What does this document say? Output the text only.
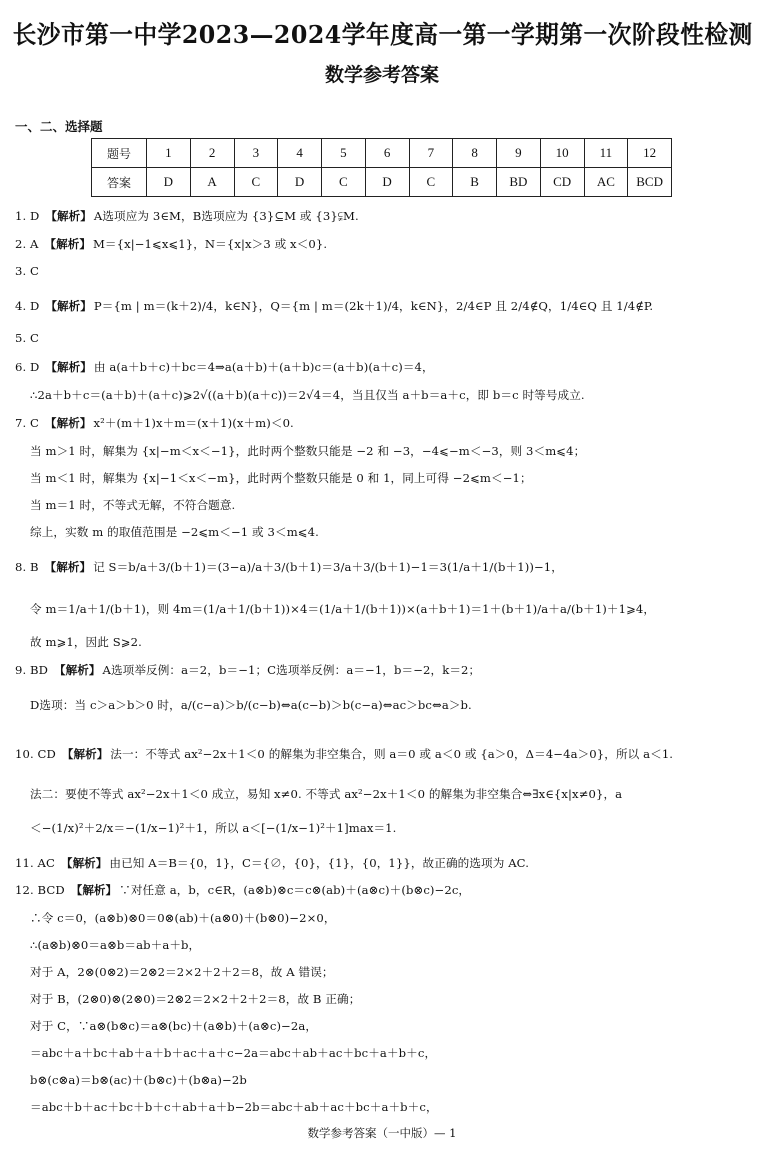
长沙市第一中学2023—2024学年度高一第一学期第一次阶段性检测
数学参考答案
一、二、选择题
题号	1	2	3	4	5	6	7	8	9	10	11	12
答案	D	A	C	D	C	D	C	B	BD	CD	AC	BCD
1. D 【解析】 A选项应为 3∈M，B选项应为 {3}⊆M 或 {3}⫋M.
2. A 【解析】 M＝{x|−1⩽x⩽1}，N＝{x|x＞3 或 x＜0}.
3. C
4. D 【解析】 P＝{m | m＝(k＋2)/4，k∈N}，Q＝{m | m＝(2k＋1)/4，k∈N}，2/4∈P 且 2/4∉Q，1/4∈Q 且 1/4∉P.
5. C
6. D 【解析】 由 a(a＋b＋c)＋bc＝4⇒a(a＋b)＋(a＋b)c＝(a＋b)(a＋c)＝4，
∴2a＋b＋c＝(a＋b)＋(a＋c)⩾2√((a＋b)(a＋c))＝2√4＝4，当且仅当 a＋b＝a＋c，即 b＝c 时等号成立.
7. C 【解析】 x²＋(m＋1)x＋m＝(x＋1)(x＋m)＜0.
当 m＞1 时，解集为 {x|−m＜x＜−1}，此时两个整数只能是 −2 和 −3，−4⩽−m＜−3，则 3＜m⩽4；
当 m＜1 时，解集为 {x|−1＜x＜−m}，此时两个整数只能是 0 和 1，同上可得 −2⩽m＜−1；
当 m＝1 时，不等式无解，不符合题意.
综上，实数 m 的取值范围是 −2⩽m＜−1 或 3＜m⩽4.
8. B 【解析】 记 S＝b/a＋3/(b＋1)＝(3−a)/a＋3/(b＋1)＝3/a＋3/(b＋1)−1＝3(1/a＋1/(b＋1))−1，
令 m＝1/a＋1/(b＋1)，则 4m＝(1/a＋1/(b＋1))×4＝(1/a＋1/(b＋1))×(a＋b＋1)＝1＋(b＋1)/a＋a/(b＋1)＋1⩾4，
故 m⩾1，因此 S⩾2.
9. BD 【解析】 A选项举反例：a＝2，b＝−1；C选项举反例：a＝−1，b＝−2，k＝2；
D选项：当 c＞a＞b＞0 时，a/(c−a)＞b/(c−b)⇔a(c−b)＞b(c−a)⇔ac＞bc⇔a＞b.
10. CD 【解析】 法一：不等式 ax²−2x＋1＜0 的解集为非空集合，则 a＝0 或 a＜0 或 {a＞0，Δ＝4−4a＞0}，所以 a＜1.
法二：要使不等式 ax²−2x＋1＜0 成立，易知 x≠0. 不等式 ax²−2x＋1＜0 的解集为非空集合⇔∃x∈{x|x≠0}，a
＜−(1/x)²＋2/x＝−(1/x−1)²＋1，所以 a＜[−(1/x−1)²＋1]max＝1.
11. AC 【解析】 由已知 A＝B＝{0，1}，C＝{∅，{0}，{1}，{0，1}}，故正确的选项为 AC.
12. BCD 【解析】 ∵对任意 a，b，c∈R，(a⊗b)⊗c＝c⊗(ab)＋(a⊗c)＋(b⊗c)−2c，
∴令 c＝0，(a⊗b)⊗0＝0⊗(ab)＋(a⊗0)＋(b⊗0)−2×0，
∴(a⊗b)⊗0＝a⊗b＝ab＋a＋b，
对于 A，2⊗(0⊗2)＝2⊗2＝2×2＋2＋2＝8，故 A 错误；
对于 B，(2⊗0)⊗(2⊗0)＝2⊗2＝2×2＋2＋2＝8，故 B 正确；
对于 C，∵a⊗(b⊗c)＝a⊗(bc)＋(a⊗b)＋(a⊗c)−2a，
＝abc＋a＋bc＋ab＋a＋b＋ac＋a＋c−2a＝abc＋ab＋ac＋bc＋a＋b＋c，
b⊗(c⊗a)＝b⊗(ac)＋(b⊗c)＋(b⊗a)−2b
＝abc＋b＋ac＋bc＋b＋c＋ab＋a＋b−2b＝abc＋ab＋ac＋bc＋a＋b＋c，
数学参考答案（一中版）— 1
